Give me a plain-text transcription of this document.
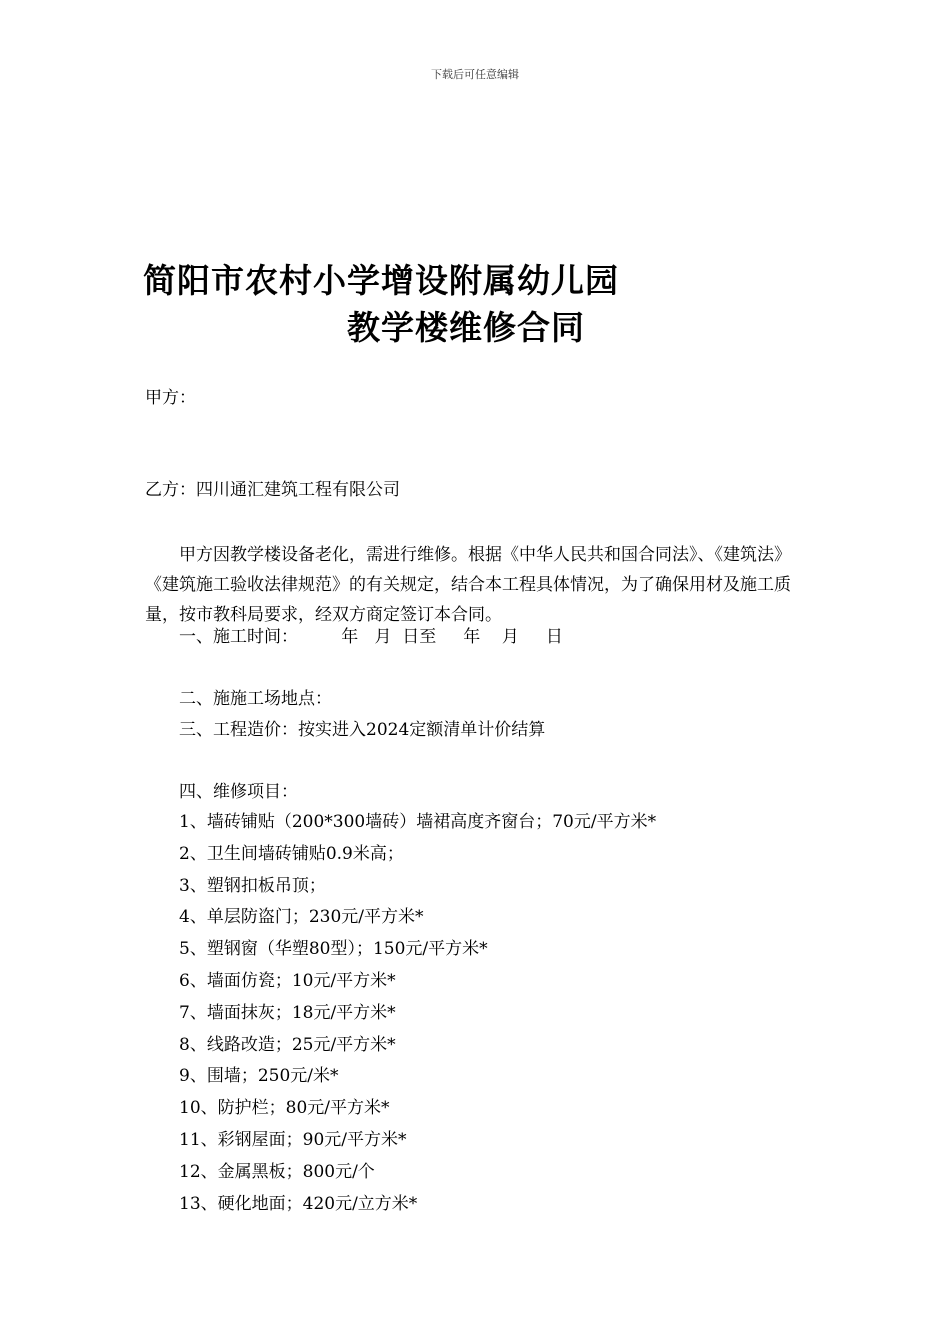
下载后可任意编辑
简阳市农村小学增设附属幼儿园
教学楼维修合同
甲方：
乙方：四川通汇建筑工程有限公司
甲方因教学楼设备老化，需进行维修。根据《中华人民共和国合同法》、《建筑法》《建筑施工验收法律规范》的有关规定，结合本工程具体情况，为了确保用材及施工质量，按市教科局要求，经双方商定签订本合同。
一、施工时间：        年   月  日至     年    月     日
二、施施工场地点：
三、工程造价：按实进入2024定额清单计价结算
四、维修项目：
1、墙砖铺贴（200*300墙砖）墙裙高度齐窗台；70元/平方米*
2、卫生间墙砖铺贴0.9米高；
3、塑钢扣板吊顶；
4、单层防盗门；230元/平方米*
5、塑钢窗（华塑80型）；150元/平方米*
6、墙面仿瓷；10元/平方米*
7、墙面抹灰；18元/平方米*
8、线路改造；25元/平方米*
9、围墙；250元/米*
10、防护栏；80元/平方米*
11、彩钢屋面；90元/平方米*
12、金属黑板；800元/个
13、硬化地面；420元/立方米*
